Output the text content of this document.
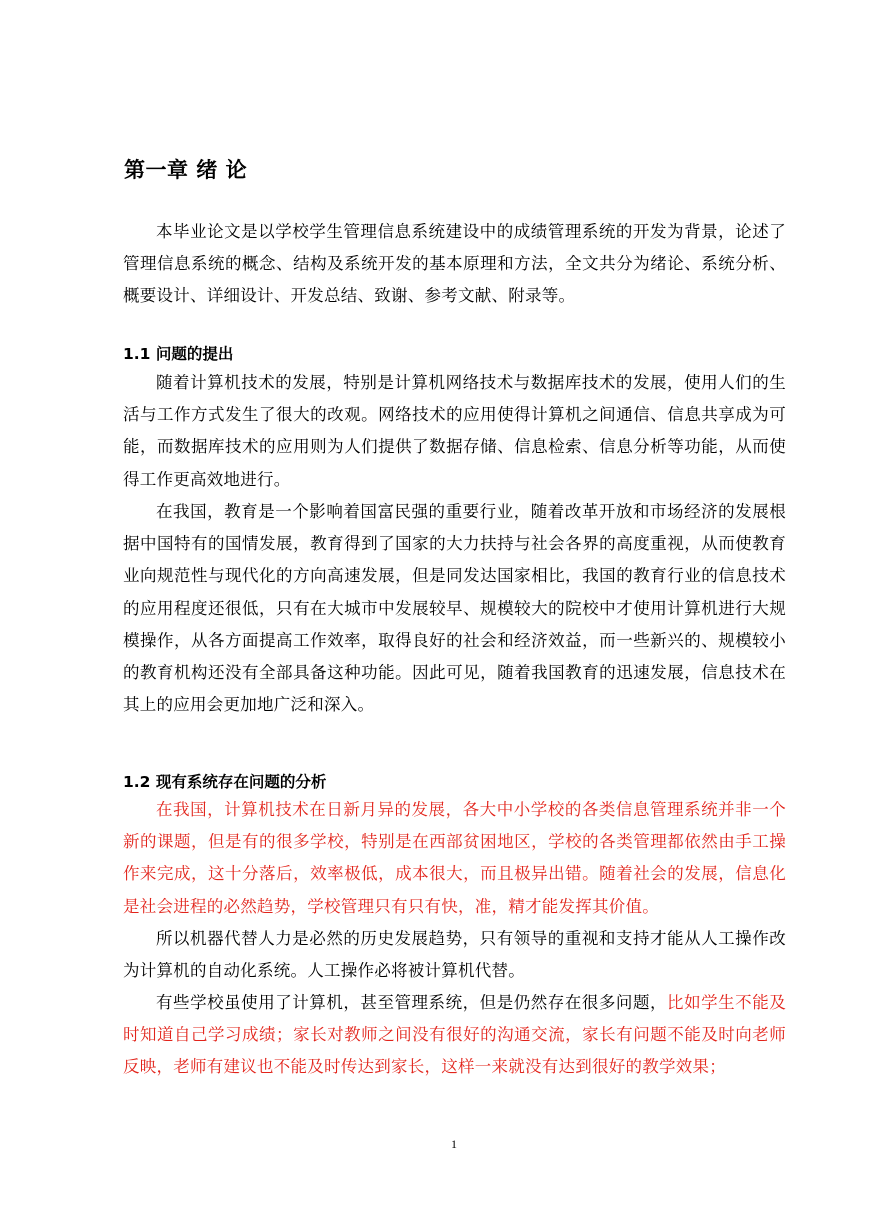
第一章 绪 论

本毕业论文是以学校学生管理信息系统建设中的成绩管理系统的开发为背景，论述了管理信息系统的概念、结构及系统开发的基本原理和方法，全文共分为绪论、系统分析、概要设计、详细设计、开发总结、致谢、参考文献、附录等。

1.1 问题的提出

随着计算机技术的发展，特别是计算机网络技术与数据库技术的发展，使用人们的生活与工作方式发生了很大的改观。网络技术的应用使得计算机之间通信、信息共享成为可能，而数据库技术的应用则为人们提供了数据存储、信息检索、信息分析等功能，从而使得工作更高效地进行。

在我国，教育是一个影响着国富民强的重要行业，随着改革开放和市场经济的发展根据中国特有的国情发展，教育得到了国家的大力扶持与社会各界的高度重视，从而使教育业向规范性与现代化的方向高速发展，但是同发达国家相比，我国的教育行业的信息技术的应用程度还很低，只有在大城市中发展较早、规模较大的院校中才使用计算机进行大规模操作，从各方面提高工作效率，取得良好的社会和经济效益，而一些新兴的、规模较小的教育机构还没有全部具备这种功能。因此可见，随着我国教育的迅速发展，信息技术在其上的应用会更加地广泛和深入。

1.2 现有系统存在问题的分析

在我国，计算机技术在日新月异的发展，各大中小学校的各类信息管理系统并非一个新的课题，但是有的很多学校，特别是在西部贫困地区，学校的各类管理都依然由手工操作来完成，这十分落后，效率极低，成本很大，而且极异出错。随着社会的发展，信息化是社会进程的必然趋势，学校管理只有只有快，准，精才能发挥其价值。

所以机器代替人力是必然的历史发展趋势，只有领导的重视和支持才能从人工操作改为计算机的自动化系统。人工操作必将被计算机代替。

有些学校虽使用了计算机，甚至管理系统，但是仍然存在很多问题，比如学生不能及时知道自己学习成绩；家长对教师之间没有很好的沟通交流，家长有问题不能及时向老师反映，老师有建议也不能及时传达到家长，这样一来就没有达到很好的教学效果；

1
